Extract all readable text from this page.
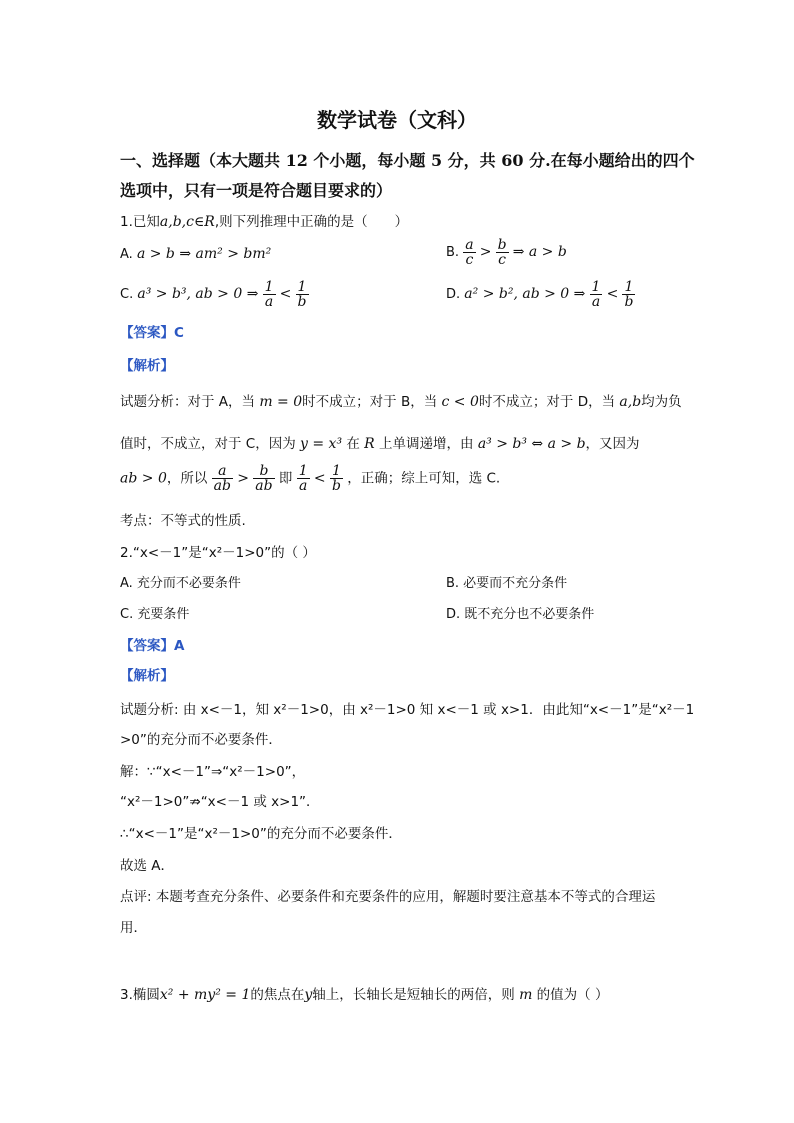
数学试卷（文科）
一、选择题（本大题共 12 个小题，每小题 5 分，共 60 分.在每小题给出的四个
选项中，只有一项是符合题目要求的）
1.已知a,b,c∈R,则下列推理中正确的是（　　）
A. a > b ⇒ am² > bm²	B. $\frac{a}{c} > \frac{b}{c}$ ⇒ a > b
C. a³ > b³, ab > 0 ⇒ $\frac{1}{a} < \frac{1}{b}$	D. a² > b², ab > 0 ⇒ $\frac{1}{a} < \frac{1}{b}$
【答案】C
【解析】
试题分析：对于 A，当 m = 0时不成立；对于 B，当 c < 0时不成立；对于 D，当 a,b均为负
值时，不成立，对于 C，因为 y = x³ 在 R 上单调递增，由 a³ > b³ ⇔ a > b，又因为
ab > 0，所以 $\frac{a}{ab} > \frac{b}{ab}$ 即 $\frac{1}{a} < \frac{1}{b}$ ，正确；综上可知，选 C.
考点：不等式的性质.
2.“x<－1”是“x²－1>0”的（ ）
A. 充分而不必要条件	B. 必要而不充分条件
C. 充要条件	D. 既不充分也不必要条件
【答案】A
【解析】
试题分析: 由 x<－1，知 x²－1>0，由 x²－1>0 知 x<－1 或 x>1．由此知“x<－1”是“x²－1
>0”的充分而不必要条件．
解：∵“x<－1”⇒“x²－1>0”，
“x²－1>0”⇏“x<－1 或 x>1”．
∴“x<－1”是“x²－1>0”的充分而不必要条件．
故选 A．
点评: 本题考查充分条件、必要条件和充要条件的应用，解题时要注意基本不等式的合理运
用．
3.椭圆x² + my² = 1的焦点在y轴上，长轴长是短轴长的两倍，则 m 的值为（ ）
